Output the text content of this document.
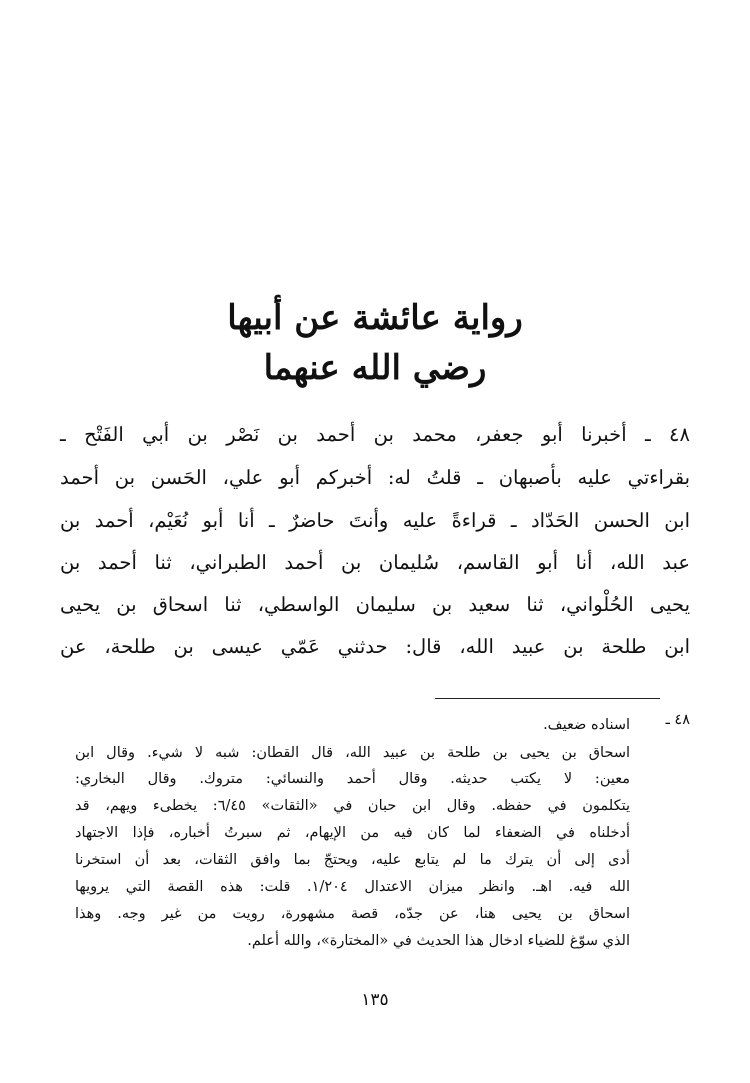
رواية عائشة عن أبيها
رضي الله عنهما
٤٨ ـ أخبرنا أبو جعفر، محمد بن أحمد بن نَصْر بن أبي الفَتْح ـ
بقراءتي عليه بأصبهان ـ قلتُ له: أخبركم أبو علي، الحَسن بن أحمد
ابن الحسن الحَدّاد ـ قراءةً عليه وأنتَ حاضرٌ ـ أنا أبو نُعَيْم، أحمد بن
عبد الله، أنا أبو القاسم، سُليمان بن أحمد الطبراني، ثنا أحمد بن
يحيى الحُلْواني، ثنا سعيد بن سليمان الواسطي، ثنا اسحاق بن يحيى
ابن طلحة بن عبيد الله، قال: حدثني عَمّي عيسى بن طلحة، عن
٤٨ ـ
اسناده ضعيف.
اسحاق بن يحيى بن طلحة بن عبيد الله، قال القطان: شبه لا شيء. وقال ابن
معين: لا يكتب حديثه. وقال أحمد والنسائي: متروك. وقال البخاري:
يتكلمون في حفظه. وقال ابن حبان في «الثقات» ٦/٤٥: يخطىء ويهم، قد
أدخلناه في الضعفاء لما كان فيه من الإيهام، ثم سبرتُ أخباره، فإذا الاجتهاد
أدى إلى أن يترك ما لم يتابع عليه، ويحتجّ بما وافق الثقات، بعد أن استخرنا
الله فيه. اهـ. وانظر ميزان الاعتدال ١/٢٠٤. قلت: هذه القصة التي يرويها
اسحاق بن يحيى هنا، عن جدّه، قصة مشهورة، رويت من غير وجه. وهذا
الذي سوّغ للضياء ادخال هذا الحديث في «المختارة»، والله أعلم.
١٣٥
